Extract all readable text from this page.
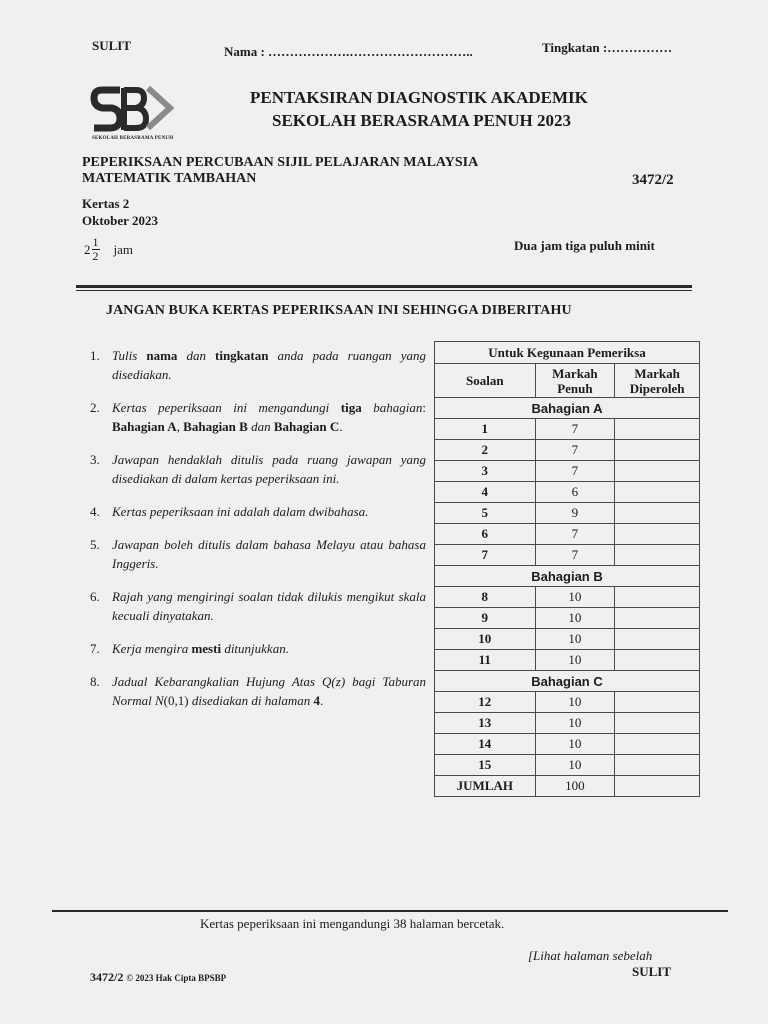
SULIT	Nama : ……………….………………………..	Tingkatan :……………
SEKOLAH BERASRAMA PENUH
PENTAKSIRAN DIAGNOSTIK AKADEMIK
SEKOLAH BERASRAMA PENUH 2023
PEPERIKSAAN PERCUBAAN SIJIL PELAJARAN MALAYSIA
MATEMATIK TAMBAHAN	3472/2
Kertas 2
Oktober 2023
$2 \frac{1}{2}$ jam	Dua jam tiga puluh minit
JANGAN BUKA KERTAS PEPERIKSAAN INI SEHINGGA DIBERITAHU
1. Tulis nama dan tingkatan anda pada ruangan yang disediakan.
2. Kertas peperiksaan ini mengandungi tiga bahagian: Bahagian A, Bahagian B dan Bahagian C.
3. Jawapan hendaklah ditulis pada ruang jawapan yang disediakan di dalam kertas peperiksaan ini.
4. Kertas peperiksaan ini adalah dalam dwibahasa.
5. Jawapan boleh ditulis dalam bahasa Melayu atau bahasa Inggeris.
6. Rajah yang mengiringi soalan tidak dilukis mengikut skala kecuali dinyatakan.
7. Kerja mengira mesti ditunjukkan.
8. Jadual Kebarangkalian Hujung Atas Q(z) bagi Taburan Normal N(0,1) disediakan di halaman 4.
Untuk Kegunaan Pemeriksa		
Soalan	Markah Penuh	Markah Diperoleh
Bahagian A		
1	7	
2	7	
3	7	
4	6	
5	9	
6	7	
7	7	
Bahagian B		
8	10	
9	10	
10	10	
11	10	
Bahagian C		
12	10	
13	10	
14	10	
15	10	
JUMLAH	100	
Kertas peperiksaan ini mengandungi 38 halaman bercetak.
[Lihat halaman sebelah
SULIT
3472/2 © 2023 Hak Cipta BPSBP
